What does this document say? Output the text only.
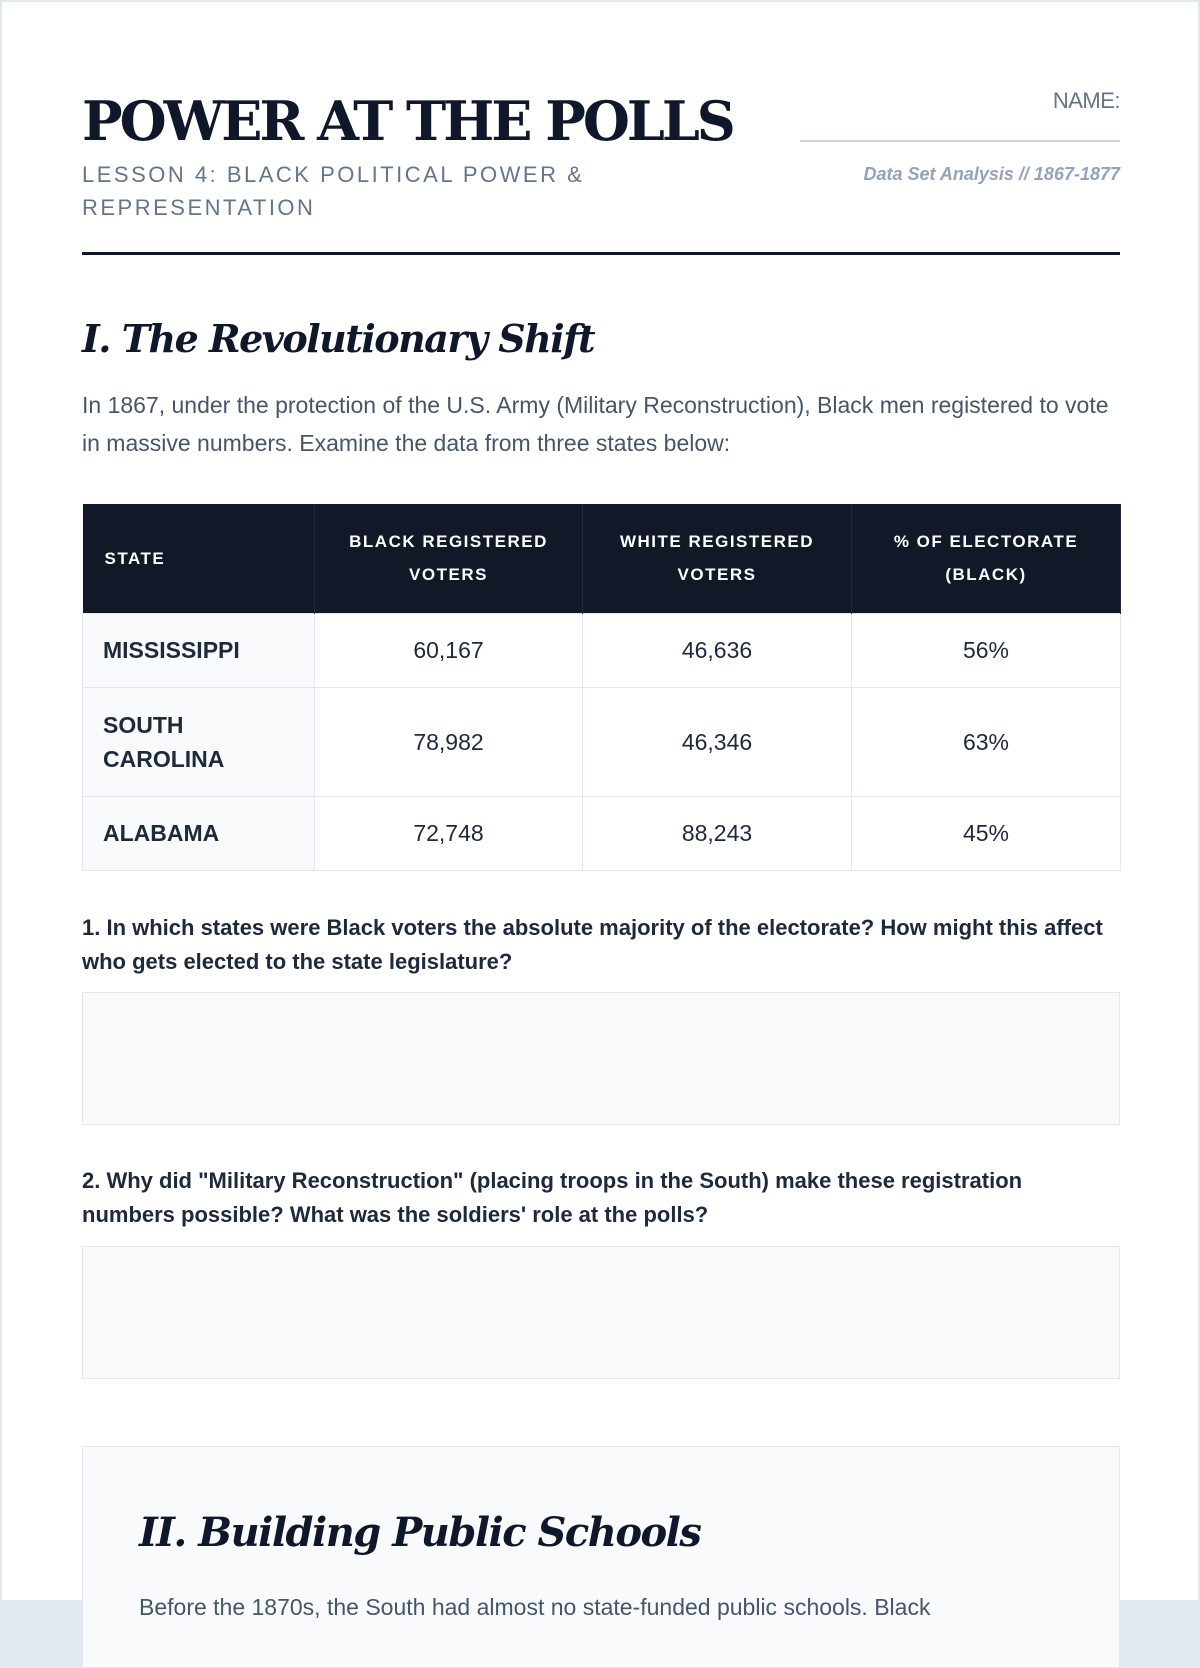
POWER AT THE POLLS
LESSON 4: BLACK POLITICAL POWER & REPRESENTATION
NAME:
Data Set Analysis // 1867-1877
I. The Revolutionary Shift

In 1867, under the protection of the U.S. Army (Military Reconstruction), Black men registered to vote in massive numbers. Examine the data from three states below:

STATE	BLACK REGISTERED VOTERS	WHITE REGISTERED VOTERS	% OF ELECTORATE (BLACK)
MISSISSIPPI	60,167	46,636	56%
SOUTH CAROLINA	78,982	46,346	63%
ALABAMA	72,748	88,243	45%

1. In which states were Black voters the absolute majority of the electorate? How might this affect who gets elected to the state legislature?

2. Why did "Military Reconstruction" (placing troops in the South) make these registration numbers possible? What was the soldiers' role at the polls?

II. Building Public Schools

Before the 1870s, the South had almost no state-funded public schools. Black
